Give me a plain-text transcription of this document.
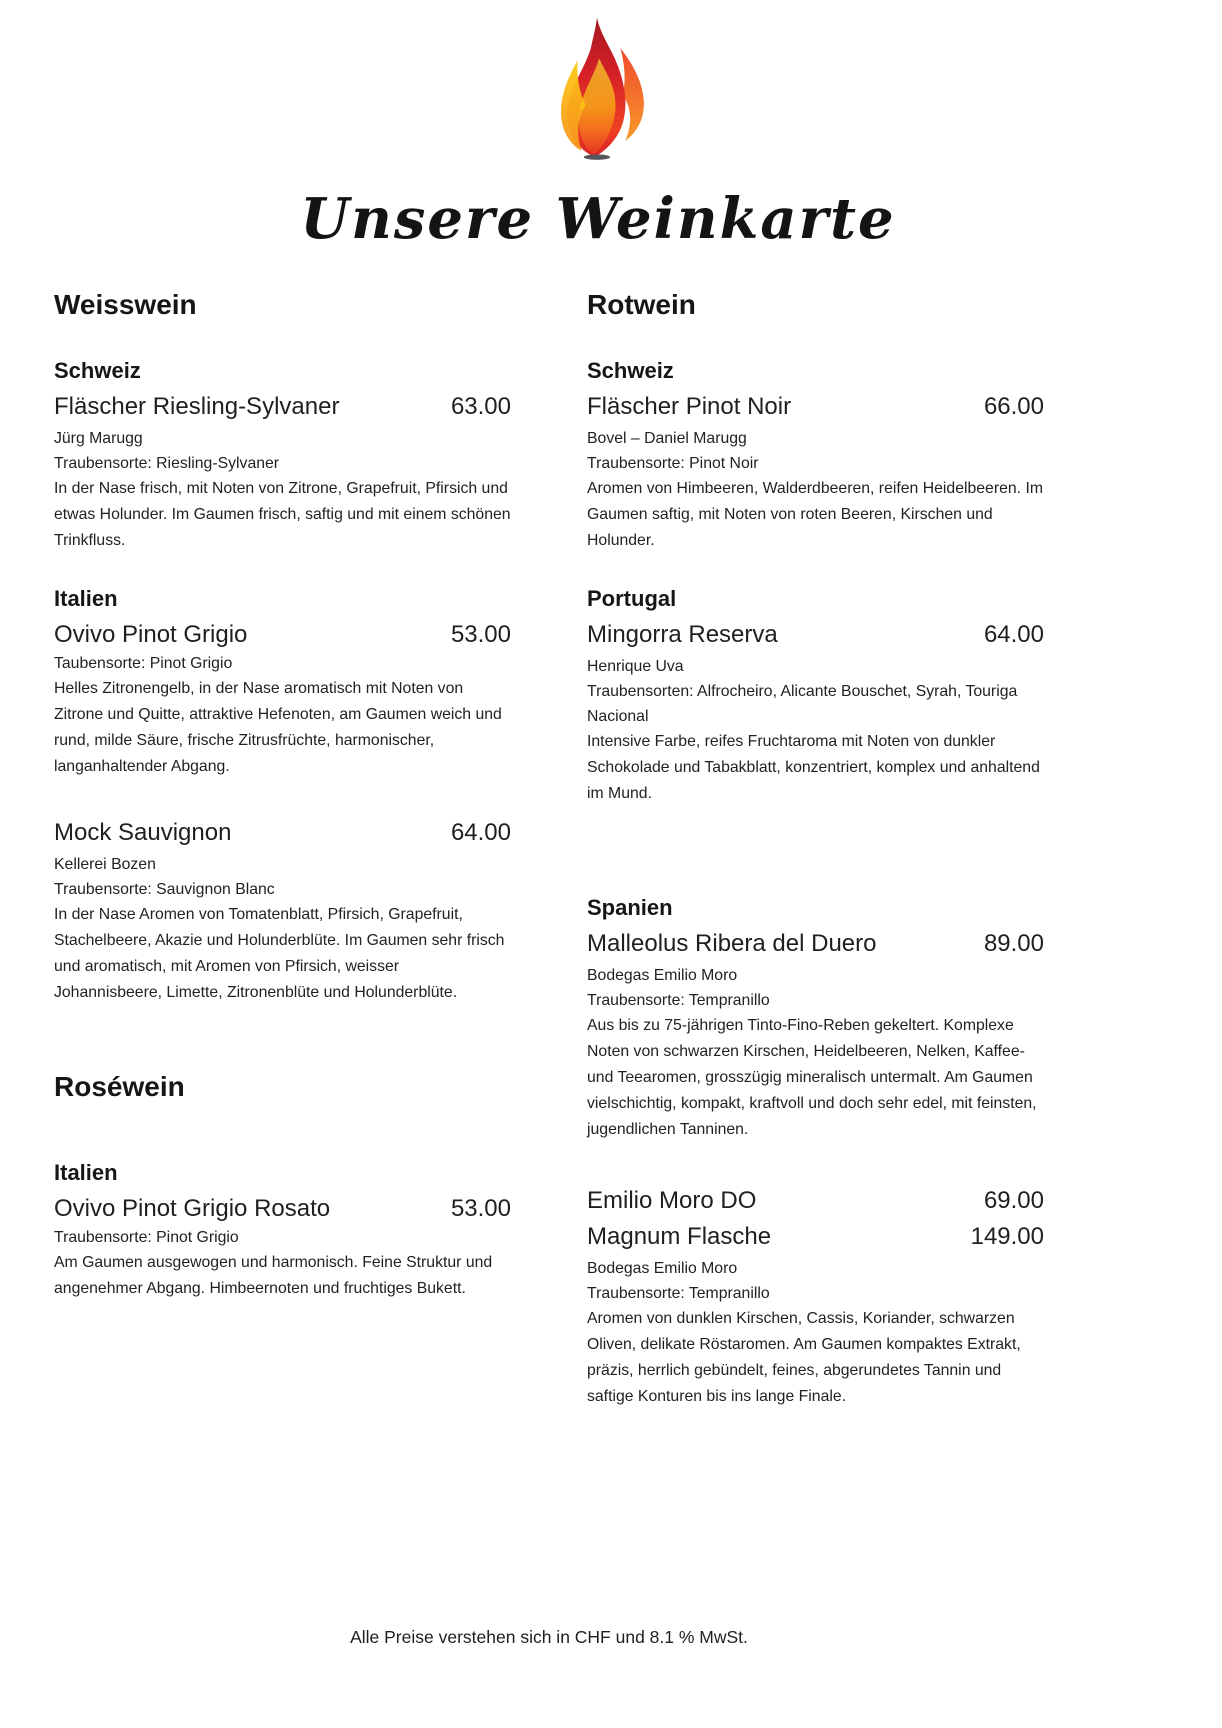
Unsere Weinkarte
Weisswein
Schweiz
Fläscher Riesling-Sylvaner	63.00
Jürg Marugg
Traubensorte: Riesling-Sylvaner

In der Nase frisch, mit Noten von Zitrone, Grapefruit, Pfirsich und etwas Holunder. Im Gaumen frisch, saftig und mit einem schönen Trinkfluss.

Italien
Ovivo Pinot Grigio	53.00
Taubensorte: Pinot Grigio

Helles Zitronengelb, in der Nase aromatisch mit Noten von Zitrone und Quitte, attraktive Hefenoten, am Gaumen weich und rund, milde Säure, frische Zitrusfrüchte, harmonischer, langanhaltender Abgang.

Mock Sauvignon	64.00
Kellerei Bozen
Traubensorte: Sauvignon Blanc

In der Nase Aromen von Tomatenblatt, Pfirsich, Grapefruit, Stachelbeere, Akazie und Holunderblüte. Im Gaumen sehr frisch und aromatisch, mit Aromen von Pfirsich, weisser Johannisbeere, Limette, Zitronenblüte und Holunderblüte.

Roséwein
Italien
Ovivo Pinot Grigio Rosato	53.00
Traubensorte: Pinot Grigio

Am Gaumen ausgewogen und harmonisch. Feine Struktur und angenehmer Abgang. Himbeernoten und fruchtiges Bukett.

Rotwein
Schweiz
Fläscher Pinot Noir	66.00
Bovel – Daniel Marugg
Traubensorte: Pinot Noir

Aromen von Himbeeren, Walderdbeeren, reifen Heidelbeeren. Im Gaumen saftig, mit Noten von roten Beeren, Kirschen und Holunder.

Portugal
Mingorra Reserva	64.00
Henrique Uva
Traubensorten: Alfrocheiro, Alicante Bouschet, Syrah, Touriga Nacional

Intensive Farbe, reifes Fruchtaroma mit Noten von dunkler Schokolade und Tabakblatt, konzentriert, komplex und anhaltend im Mund.

Spanien
Malleolus Ribera del Duero	89.00
Bodegas Emilio Moro
Traubensorte: Tempranillo

Aus bis zu 75-jährigen Tinto-Fino-Reben gekeltert. Komplexe Noten von schwarzen Kirschen, Heidelbeeren, Nelken, Kaffee- und Teearomen, grosszügig mineralisch untermalt. Am Gaumen vielschichtig, kompakt, kraftvoll und doch sehr edel, mit feinsten, jugendlichen Tanninen.

Emilio Moro DO	69.00
Magnum Flasche	149.00
Bodegas Emilio Moro
Traubensorte: Tempranillo

Aromen von dunklen Kirschen, Cassis, Koriander, schwarzen Oliven, delikate Röstaromen. Am Gaumen kompaktes Extrakt, präzis, herrlich gebündelt, feines, abgerundetes Tannin und saftige Konturen bis ins lange Finale.

Alle Preise verstehen sich in CHF und 8.1 % MwSt.
